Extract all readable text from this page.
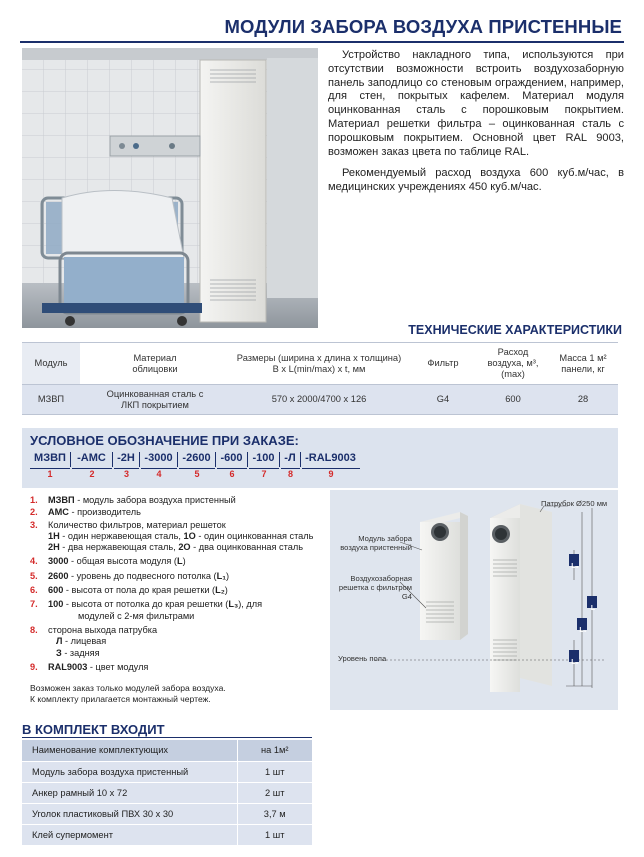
МОДУЛИ ЗАБОРА ВОЗДУХА ПРИСТЕННЫЕ

Устройство накладного типа, используются при отсутствии возможности встроить воздухозаборную панель заподлицо со стеновым ограждением, например, для стен, покрытых кафелем. Материал модуля оцинкованная сталь с порошковым покрытием. Материал решетки фильтра – оцинкованная сталь с порошковым покрытием. Основной цвет RAL 9003, возможен заказ цвета по таблице RAL.

Рекомендуемый расход воздуха 600 куб.м/час, в медицинских учреждениях 450 куб.м/час.

ТЕХНИЧЕСКИЕ ХАРАКТЕРИСТИКИ
Модуль	Материал облицовки	Размеры (ширина х длина х толщина) В х L(min/max) х t, мм	Фильтр	Расход воздуха, м³, (max)	Масса 1 м² панели, кг
МЗВП	Оцинкованная сталь с ЛКП покрытием	570 х 2000/4700 х 126	G4	600	28
УСЛОВНОЕ ОБОЗНАЧЕНИЕ ПРИ ЗАКАЗЕ:
МЗВП	-АМС	-2Н -3000 -2600 -600 -100 -Л -RAL9003
1	2	3	4	5	6	7	8	9
1. МЗВП - модуль забора воздуха пристенный
2. АМС - производитель
3. Количество фильтров, материал решеток
1Н - один нержавеющая сталь, 1О - один оцинкованная сталь
2Н - два нержавеющая сталь, 2О - два оцинкованная сталь
4. 3000 - общая высота модуля (L)
5. 2600 - уровень до подвесного потолка (L₁)
6. 600 - высота от пола до края решетки (L₂)
7. 100 - высота от потолка до края решетки (L₃), для
модулей с 2-мя фильтрами
8. сторона выхода патрубка
Л - лицевая
З - задняя
9. RAL9003 - цвет модуля
Возможен заказ только модулей забора воздуха.
К комплекту прилагается монтажный чертеж.
L₃
L₁
L
L₂
Патрубок Ø250 мм
Модуль забора воздуха пристенный
Воздухозаборная решетка с фильтром G4
Уровень пола
В КОМПЛЕКТ ВХОДИТ
Наименование комплектующих	на 1м²
Модуль забора воздуха пристенный	1 шт
Анкер рамный 10 х 72	2 шт
Уголок пластиковый ПВХ 30 х 30	3,7 м
Клей супермомент	1 шт
